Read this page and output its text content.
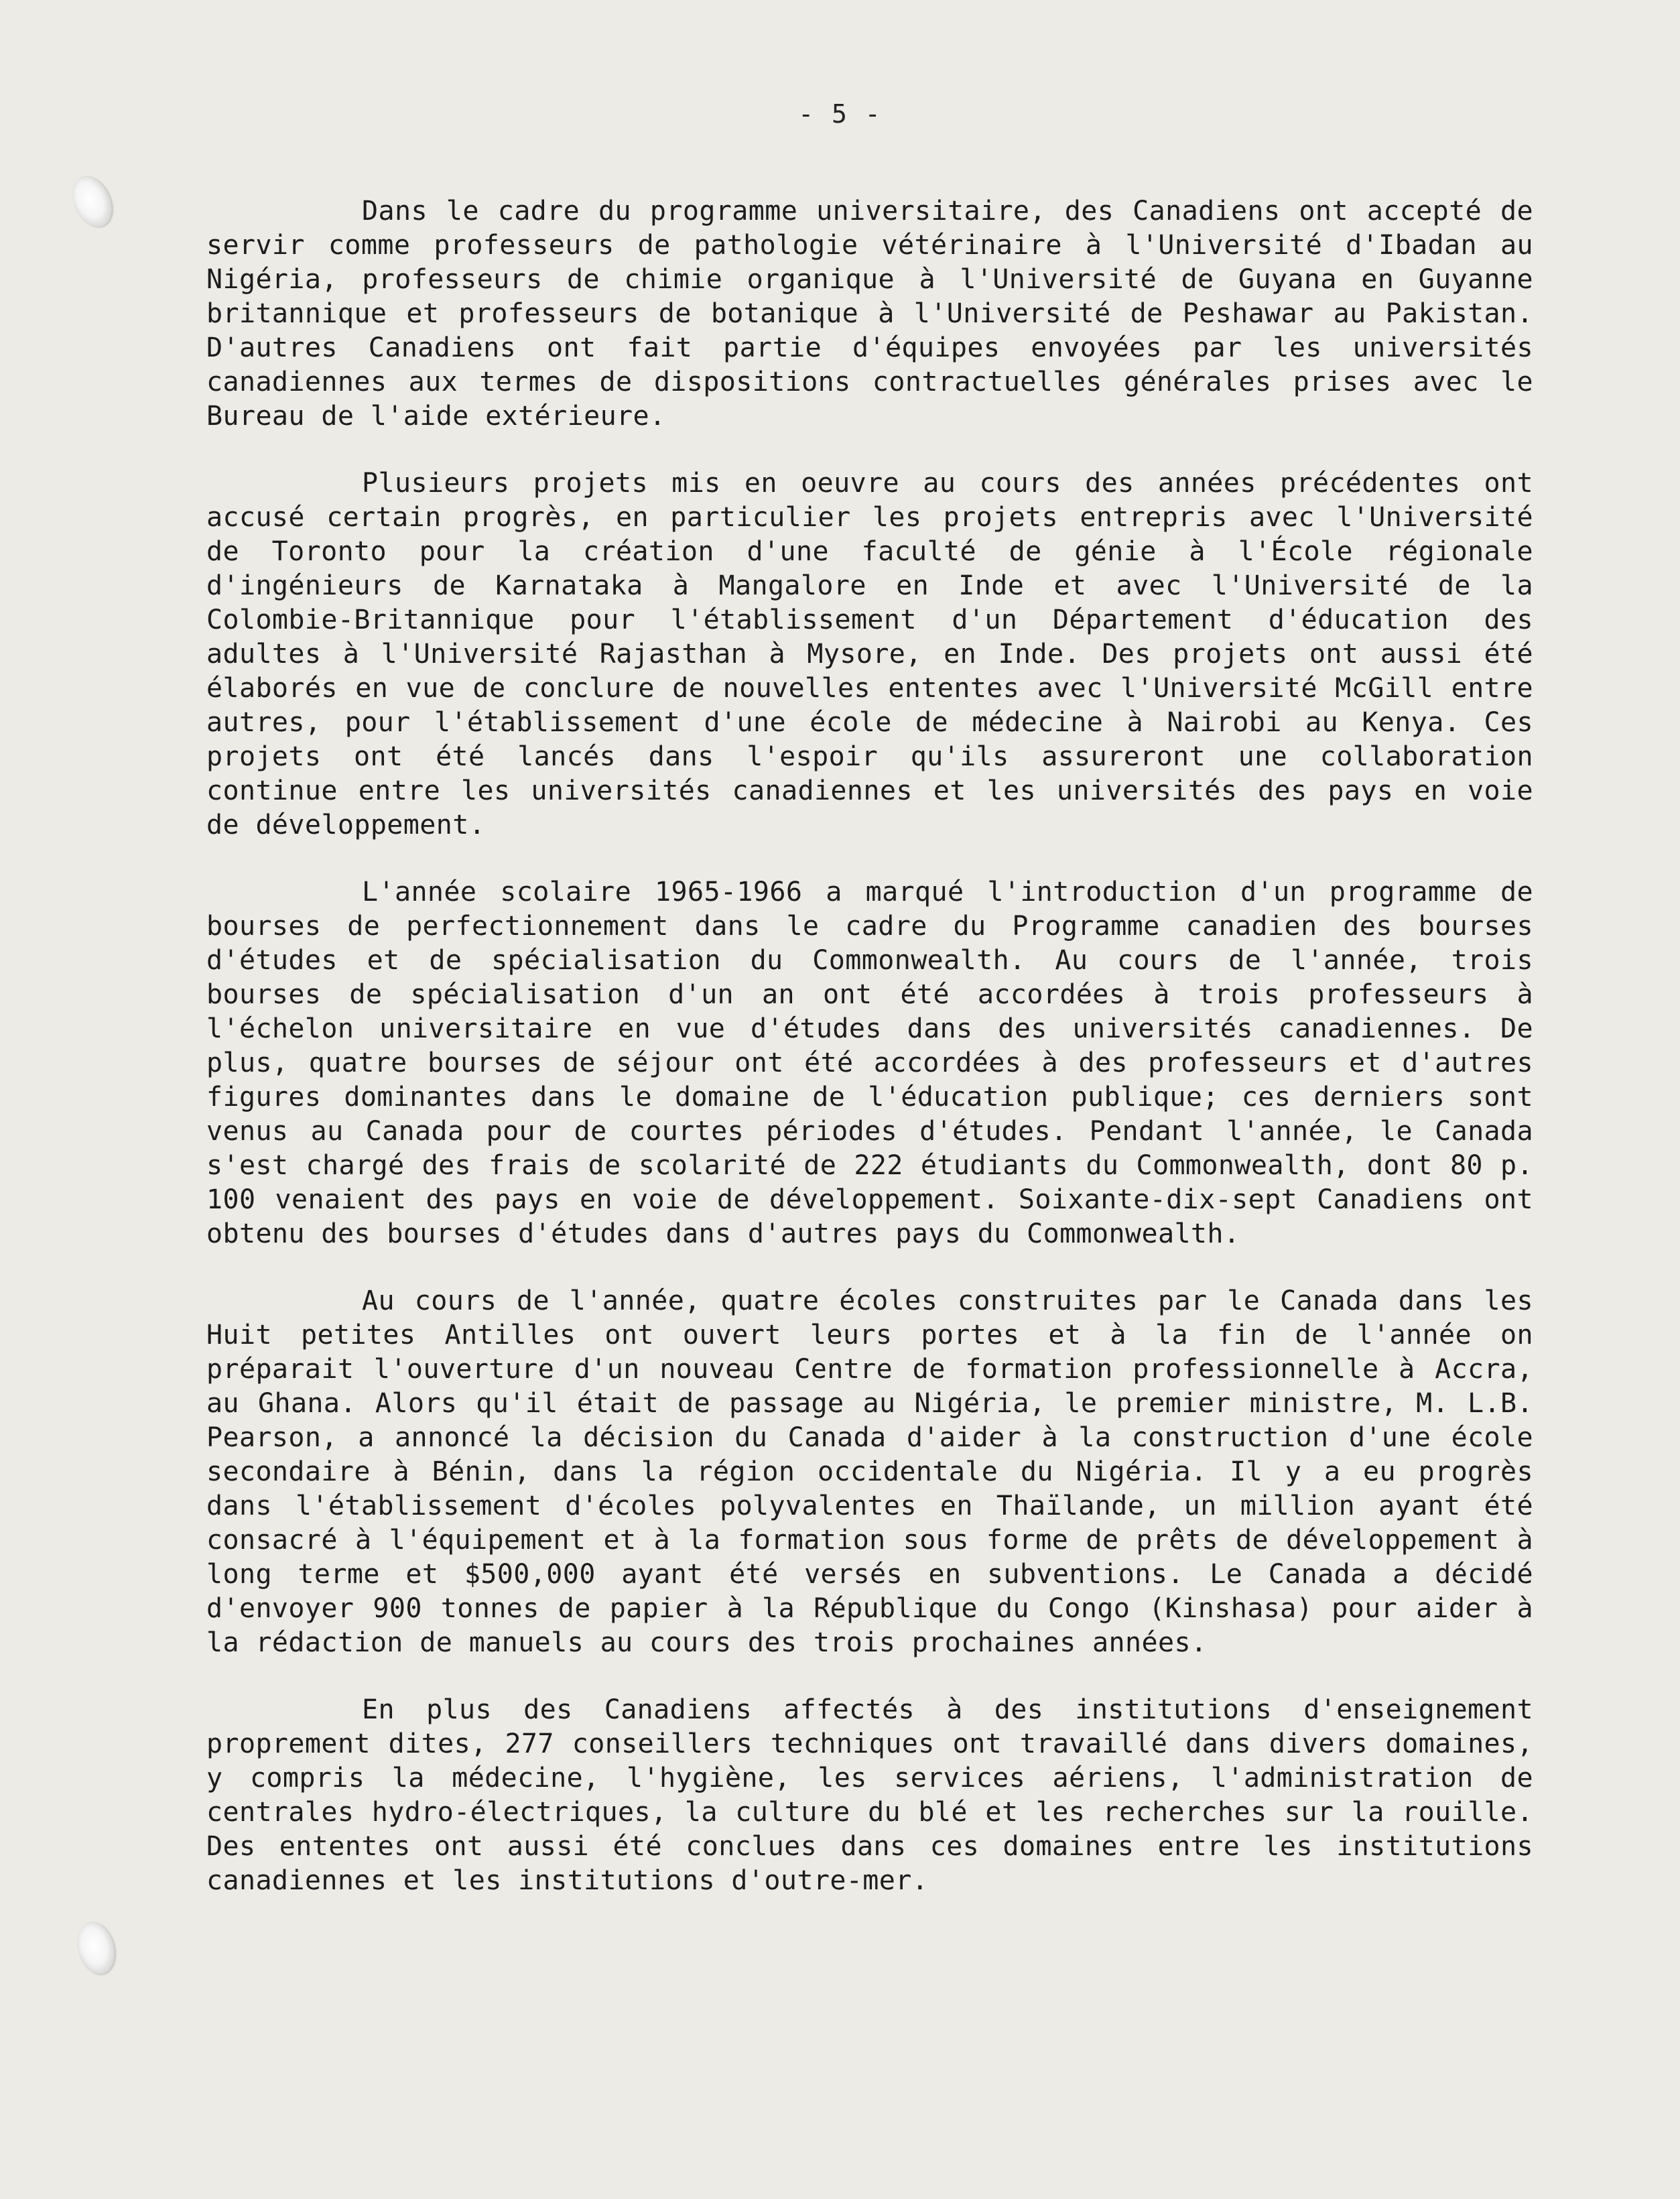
- 5 -

Dans le cadre du programme universitaire, des Canadiens ont accepté de servir comme professeurs de pathologie vétérinaire à l'Université d'Ibadan au Nigéria, professeurs de chimie organique à l'Université de Guyana en Guyanne britannique et professeurs de botanique à l'Université de Peshawar au Pakistan. D'autres Canadiens ont fait partie d'équipes envoyées par les universités canadiennes aux termes de dispositions contractuelles générales prises avec le Bureau de l'aide extérieure.

Plusieurs projets mis en oeuvre au cours des années précédentes ont accusé certain progrès, en particulier les projets entrepris avec l'Université de Toronto pour la création d'une faculté de génie à l'École régionale d'ingénieurs de Karnataka à Mangalore en Inde et avec l'Université de la Colombie-Britannique pour l'établissement d'un Département d'éducation des adultes à l'Université Rajasthan à Mysore, en Inde. Des projets ont aussi été élaborés en vue de conclure de nouvelles ententes avec l'Université McGill entre autres, pour l'établissement d'une école de médecine à Nairobi au Kenya. Ces projets ont été lancés dans l'espoir qu'ils assureront une collaboration continue entre les universités canadiennes et les universités des pays en voie de développement.

L'année scolaire 1965-1966 a marqué l'introduction d'un programme de bourses de perfectionnement dans le cadre du Programme canadien des bourses d'études et de spécialisation du Commonwealth. Au cours de l'année, trois bourses de spécialisation d'un an ont été accordées à trois professeurs à l'échelon universitaire en vue d'études dans des universités canadiennes. De plus, quatre bourses de séjour ont été accordées à des professeurs et d'autres figures dominantes dans le domaine de l'éducation publique; ces derniers sont venus au Canada pour de courtes périodes d'études. Pendant l'année, le Canada s'est chargé des frais de scolarité de 222 étudiants du Commonwealth, dont 80 p. 100 venaient des pays en voie de développement. Soixante-dix-sept Canadiens ont obtenu des bourses d'études dans d'autres pays du Commonwealth.

Au cours de l'année, quatre écoles construites par le Canada dans les Huit petites Antilles ont ouvert leurs portes et à la fin de l'année on préparait l'ouverture d'un nouveau Centre de formation professionnelle à Accra, au Ghana. Alors qu'il était de passage au Nigéria, le premier ministre, M. L.B. Pearson, a annoncé la décision du Canada d'aider à la construction d'une école secondaire à Bénin, dans la région occidentale du Nigéria. Il y a eu progrès dans l'établissement d'écoles polyvalentes en Thaïlande, un million ayant été consacré à l'équipement et à la formation sous forme de prêts de développement à long terme et $500,000 ayant été versés en subventions. Le Canada a décidé d'envoyer 900 tonnes de papier à la République du Congo (Kinshasa) pour aider à la rédaction de manuels au cours des trois prochaines années.

En plus des Canadiens affectés à des institutions d'enseignement proprement dites, 277 conseillers techniques ont travaillé dans divers domaines, y compris la médecine, l'hygiène, les services aériens, l'administration de centrales hydro-électriques, la culture du blé et les recherches sur la rouille. Des ententes ont aussi été conclues dans ces domaines entre les institutions canadiennes et les institutions d'outre-mer.
